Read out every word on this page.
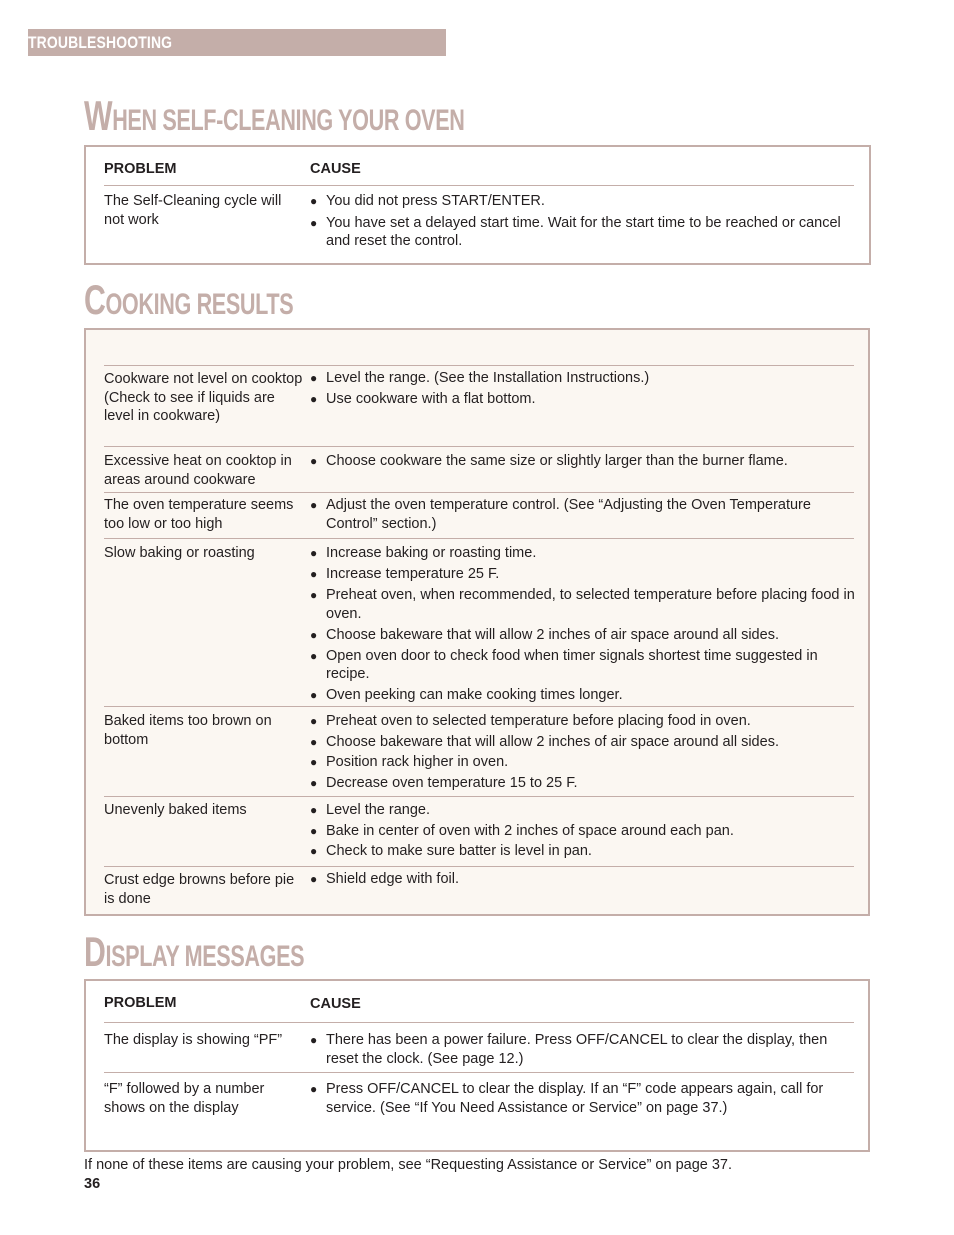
TROUBLESHOOTING
WHEN SELF-CLEANING YOUR OVEN
PROBLEM	CAUSE
The Self-Cleaning cycle will not work
● You did not press START/ENTER.
● You have set a delayed start time. Wait for the start time to be reached or cancel and reset the control.
COOKING RESULTS
Cookware not level on cooktop (Check to see if liquids are level in cookware)
● Level the range. (See the Installation Instructions.)
● Use cookware with a flat bottom.
Excessive heat on cooktop in areas around cookware
● Choose cookware the same size or slightly larger than the burner flame.
The oven temperature seems too low or too high
● Adjust the oven temperature control. (See “Adjusting the Oven Temperature Control” section.)
Slow baking or roasting	● Increase baking or roasting time.
● Increase temperature 25 F.
● Preheat oven, when recommended, to selected temperature before placing food in oven.
● Choose bakeware that will allow 2 inches of air space around all sides.
● Open oven door to check food when timer signals shortest time suggested in recipe.
● Oven peeking can make cooking times longer.
Baked items too brown on bottom
● Preheat oven to selected temperature before placing food in oven.
● Choose bakeware that will allow 2 inches of air space around all sides.
● Position rack higher in oven.
● Decrease oven temperature 15 to 25 F.
Unevenly baked items	● Level the range.
● Bake in center of oven with 2 inches of space around each pan.
● Check to make sure batter is level in pan.
Crust edge browns before pie is done
● Shield edge with foil.
DISPLAY MESSAGES
PROBLEM	CAUSE
The display is showing “PF”	● There has been a power failure. Press OFF/CANCEL to clear the display, then reset the clock. (See page 12.)
“F” followed by a number shows on the display
● Press OFF/CANCEL to clear the display. If an “F” code appears again, call for service. (See “If You Need Assistance or Service” on page 37.)
If none of these items are causing your problem, see “Requesting Assistance or Service” on page 37.
36
